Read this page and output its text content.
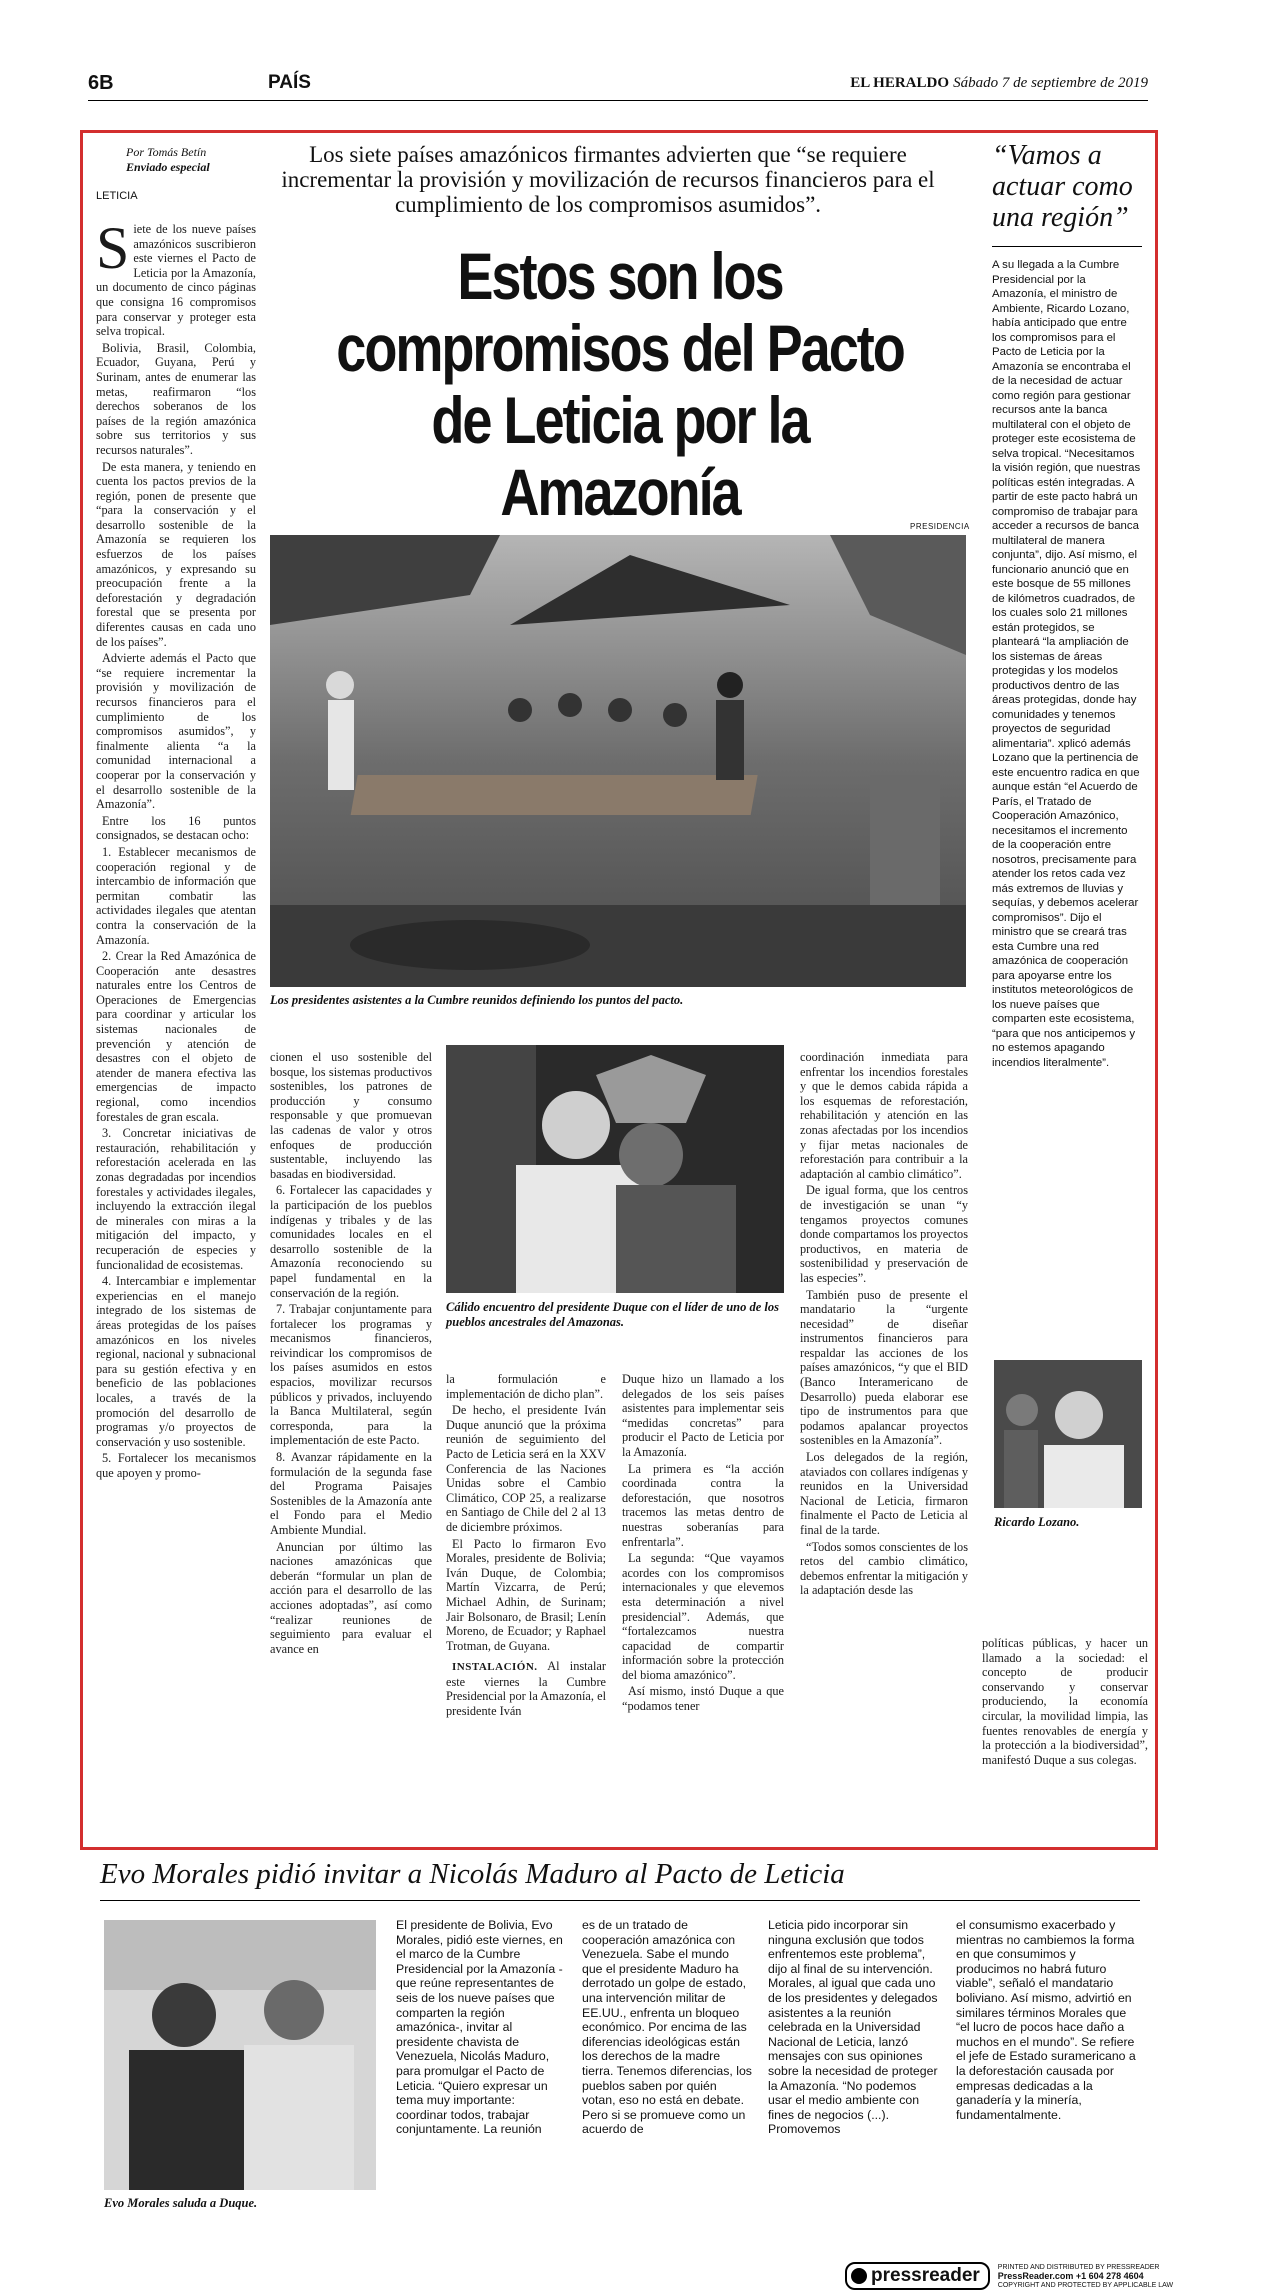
6B	PAÍS	EL HERALDO Sábado 7 de septiembre de 2019
Por Tomás Betín
Enviado especial
LETICIA
Los siete países amazónicos firmantes advierten que “se requiere incrementar la provisión y movilización de recursos financieros para el cumplimiento de los compromisos asumidos”.
Estos son los compromisos del Pacto de Leticia por la Amazonía

Siete de los nueve países amazónicos suscribieron este viernes el Pacto de Leticia por la Amazonía, un documento de cinco páginas que consigna 16 compromisos para conservar y proteger esta selva tropical.

Bolivia, Brasil, Colombia, Ecuador, Guyana, Perú y Surinam, antes de enumerar las metas, reafirmaron “los derechos soberanos de los países de la región amazónica sobre sus territorios y sus recursos naturales”.

De esta manera, y teniendo en cuenta los pactos previos de la región, ponen de presente que “para la conservación y el desarrollo sostenible de la Amazonía se requieren los esfuerzos de los países amazónicos, y expresando su preocupación frente a la deforestación y degradación forestal que se presenta por diferentes causas en cada uno de los países”.

Advierte además el Pacto que “se requiere incrementar la provisión y movilización de recursos financieros para el cumplimiento de los compromisos asumidos”, y finalmente alienta “a la comunidad internacional a cooperar por la conservación y el desarrollo sostenible de la Amazonía”.

Entre los 16 puntos consignados, se destacan ocho:

1. Establecer mecanismos de cooperación regional y de intercambio de información que permitan combatir las actividades ilegales que atentan contra la conservación de la Amazonía.

2. Crear la Red Amazónica de Cooperación ante desastres naturales entre los Centros de Operaciones de Emergencias para coordinar y articular los sistemas nacionales de prevención y atención de desastres con el objeto de atender de manera efectiva las emergencias de impacto regional, como incendios forestales de gran escala.

3. Concretar iniciativas de restauración, rehabilitación y reforestación acelerada en las zonas degradadas por incendios forestales y actividades ilegales, incluyendo la extracción ilegal de minerales con miras a la mitigación del impacto, y recuperación de especies y funcionalidad de ecosistemas.

4. Intercambiar e implementar experiencias en el manejo integrado de los sistemas de áreas protegidas de los países amazónicos en los niveles regional, nacional y subnacional para su gestión efectiva y en beneficio de las poblaciones locales, a través de la promoción del desarrollo de programas y/o proyectos de conservación y uso sostenible.

5. Fortalecer los mecanismos que apoyen y promo-

PRESIDENCIA
Los presidentes asistentes a la Cumbre reunidos definiendo los puntos del pacto.
Cálido encuentro del presidente Duque con el líder de uno de los pueblos ancestrales del Amazonas.

cionen el uso sostenible del bosque, los sistemas productivos sostenibles, los patrones de producción y consumo responsable y que promuevan las cadenas de valor y otros enfoques de producción sustentable, incluyendo las basadas en biodiversidad.

6. Fortalecer las capacidades y la participación de los pueblos indígenas y tribales y de las comunidades locales en el desarrollo sostenible de la Amazonía reconociendo su papel fundamental en la conservación de la región.

7. Trabajar conjuntamente para fortalecer los programas y mecanismos financieros, reivindicar los compromisos de los países asumidos en estos espacios, movilizar recursos públicos y privados, incluyendo la Banca Multilateral, según corresponda, para la implementación de este Pacto.

8. Avanzar rápidamente en la formulación de la segunda fase del Programa Paisajes Sostenibles de la Amazonía ante el Fondo para el Medio Ambiente Mundial.

Anuncian por último las naciones amazónicas que deberán “formular un plan de acción para el desarrollo de las acciones adoptadas”, así como “realizar reuniones de seguimiento para evaluar el avance en

la formulación e implementación de dicho plan”.

De hecho, el presidente Iván Duque anunció que la próxima reunión de seguimiento del Pacto de Leticia será en la XXV Conferencia de las Naciones Unidas sobre el Cambio Climático, COP 25, a realizarse en Santiago de Chile del 2 al 13 de diciembre próximos.

El Pacto lo firmaron Evo Morales, presidente de Bolivia; Iván Duque, de Colombia; Martín Vizcarra, de Perú; Michael Adhin, de Surinam; Jair Bolsonaro, de Brasil; Lenín Moreno, de Ecuador; y Raphael Trotman, de Guyana.

INSTALACIÓN. Al instalar este viernes la Cumbre Presidencial por la Amazonía, el presidente Iván

Duque hizo un llamado a los delegados de los seis países asistentes para implementar seis “medidas concretas” para producir el Pacto de Leticia por la Amazonía.

La primera es “la acción coordinada contra la deforestación, que nosotros tracemos las metas dentro de nuestras soberanías para enfrentarla”.

La segunda: “Que vayamos acordes con los compromisos internacionales y que elevemos esta determinación a nivel presidencial”. Además, que “fortalezcamos nuestra capacidad de compartir información sobre la protección del bioma amazónico”.

Así mismo, instó Duque a que “podamos tener

coordinación inmediata para enfrentar los incendios forestales y que le demos cabida rápida a los esquemas de reforestación, rehabilitación y atención en las zonas afectadas por los incendios y fijar metas nacionales de reforestación para contribuir a la adaptación al cambio climático”.

De igual forma, que los centros de investigación se unan “y tengamos proyectos comunes donde compartamos los proyectos productivos, en materia de sostenibilidad y preservación de las especies”.

También puso de presente el mandatario la “urgente necesidad” de diseñar instrumentos financieros para respaldar las acciones de los países amazónicos, “y que el BID (Banco Interamericano de Desarrollo) pueda elaborar ese tipo de instrumentos para que podamos apalancar proyectos sostenibles en la Amazonía”.

Los delegados de la región, ataviados con collares indígenas y reunidos en la Universidad Nacional de Leticia, firmaron finalmente el Pacto de Leticia al final de la tarde.

“Todos somos conscientes de los retos del cambio climático, debemos enfrentar la mitigación y la adaptación desde las

“Vamos a actuar como una región”
A su llegada a la Cumbre Presidencial por la Amazonía, el ministro de Ambiente, Ricardo Lozano, había anticipado que entre los compromisos para el Pacto de Leticia por la Amazonía se encontraba el de la necesidad de actuar como región para gestionar recursos ante la banca multilateral con el objeto de proteger este ecosistema de selva tropical. “Necesitamos la visión región, que nuestras políticas estén integradas. A partir de este pacto habrá un compromiso de trabajar para acceder a recursos de banca multilateral de manera conjunta”, dijo. Así mismo, el funcionario anunció que en este bosque de 55 millones de kilómetros cuadrados, de los cuales solo 21 millones están protegidos, se planteará “la ampliación de los sistemas de áreas protegidas y los modelos productivos dentro de las áreas protegidas, donde hay comunidades y tenemos proyectos de seguridad alimentaria”. xplicó además Lozano que la pertinencia de este encuentro radica en que aunque están “el Acuerdo de París, el Tratado de Cooperación Amazónico, necesitamos el incremento de la cooperación entre nosotros, precisamente para atender los retos cada vez más extremos de lluvias y sequías, y debemos acelerar compromisos”. Dijo el ministro que se creará tras esta Cumbre una red amazónica de cooperación para apoyarse entre los institutos meteorológicos de los nueve países que comparten este ecosistema, “para que nos anticipemos y no estemos apagando incendios literalmente”.
Ricardo Lozano.
políticas públicas, y hacer un llamado a la sociedad: el concepto de producir conservando y conservar produciendo, la economía circular, la movilidad limpia, las fuentes renovables de energía y la protección a la biodiversidad”, manifestó Duque a sus colegas.
Evo Morales pidió invitar a Nicolás Maduro al Pacto de Leticia
Evo Morales saluda a Duque.
El presidente de Bolivia, Evo Morales, pidió este viernes, en el marco de la Cumbre Presidencial por la Amazonía -que reúne representantes de seis de los nueve países que comparten la región amazónica-, invitar al presidente chavista de Venezuela, Nicolás Maduro, para promulgar el Pacto de Leticia. “Quiero expresar un tema muy importante: coordinar todos, trabajar conjuntamente. La reunión
es de un tratado de cooperación amazónica con Venezuela. Sabe el mundo que el presidente Maduro ha derrotado un golpe de estado, una intervención militar de EE.UU., enfrenta un bloqueo económico. Por encima de las diferencias ideológicas están los derechos de la madre tierra. Tenemos diferencias, los pueblos saben por quién votan, eso no está en debate. Pero si se promueve como un acuerdo de
Leticia pido incorporar sin ninguna exclusión que todos enfrentemos este problema”, dijo al final de su intervención. Morales, al igual que cada uno de los presidentes y delegados asistentes a la reunión celebrada en la Universidad Nacional de Leticia, lanzó mensajes con sus opiniones sobre la necesidad de proteger la Amazonía. “No podemos usar el medio ambiente con fines de negocios (...). Promovemos
el consumismo exacerbado y mientras no cambiemos la forma en que consumimos y producimos no habrá futuro viable”, señaló el mandatario boliviano. Así mismo, advirtió en similares términos Morales que “el lucro de pocos hace daño a muchos en el mundo”. Se refiere el jefe de Estado suramericano a la deforestación causada por empresas dedicadas a la ganadería y la minería, fundamentalmente.
pressreader	PRINTED AND DISTRIBUTED BY PRESSREADER
PressReader.com +1 604 278 4604
COPYRIGHT AND PROTECTED BY APPLICABLE LAW
